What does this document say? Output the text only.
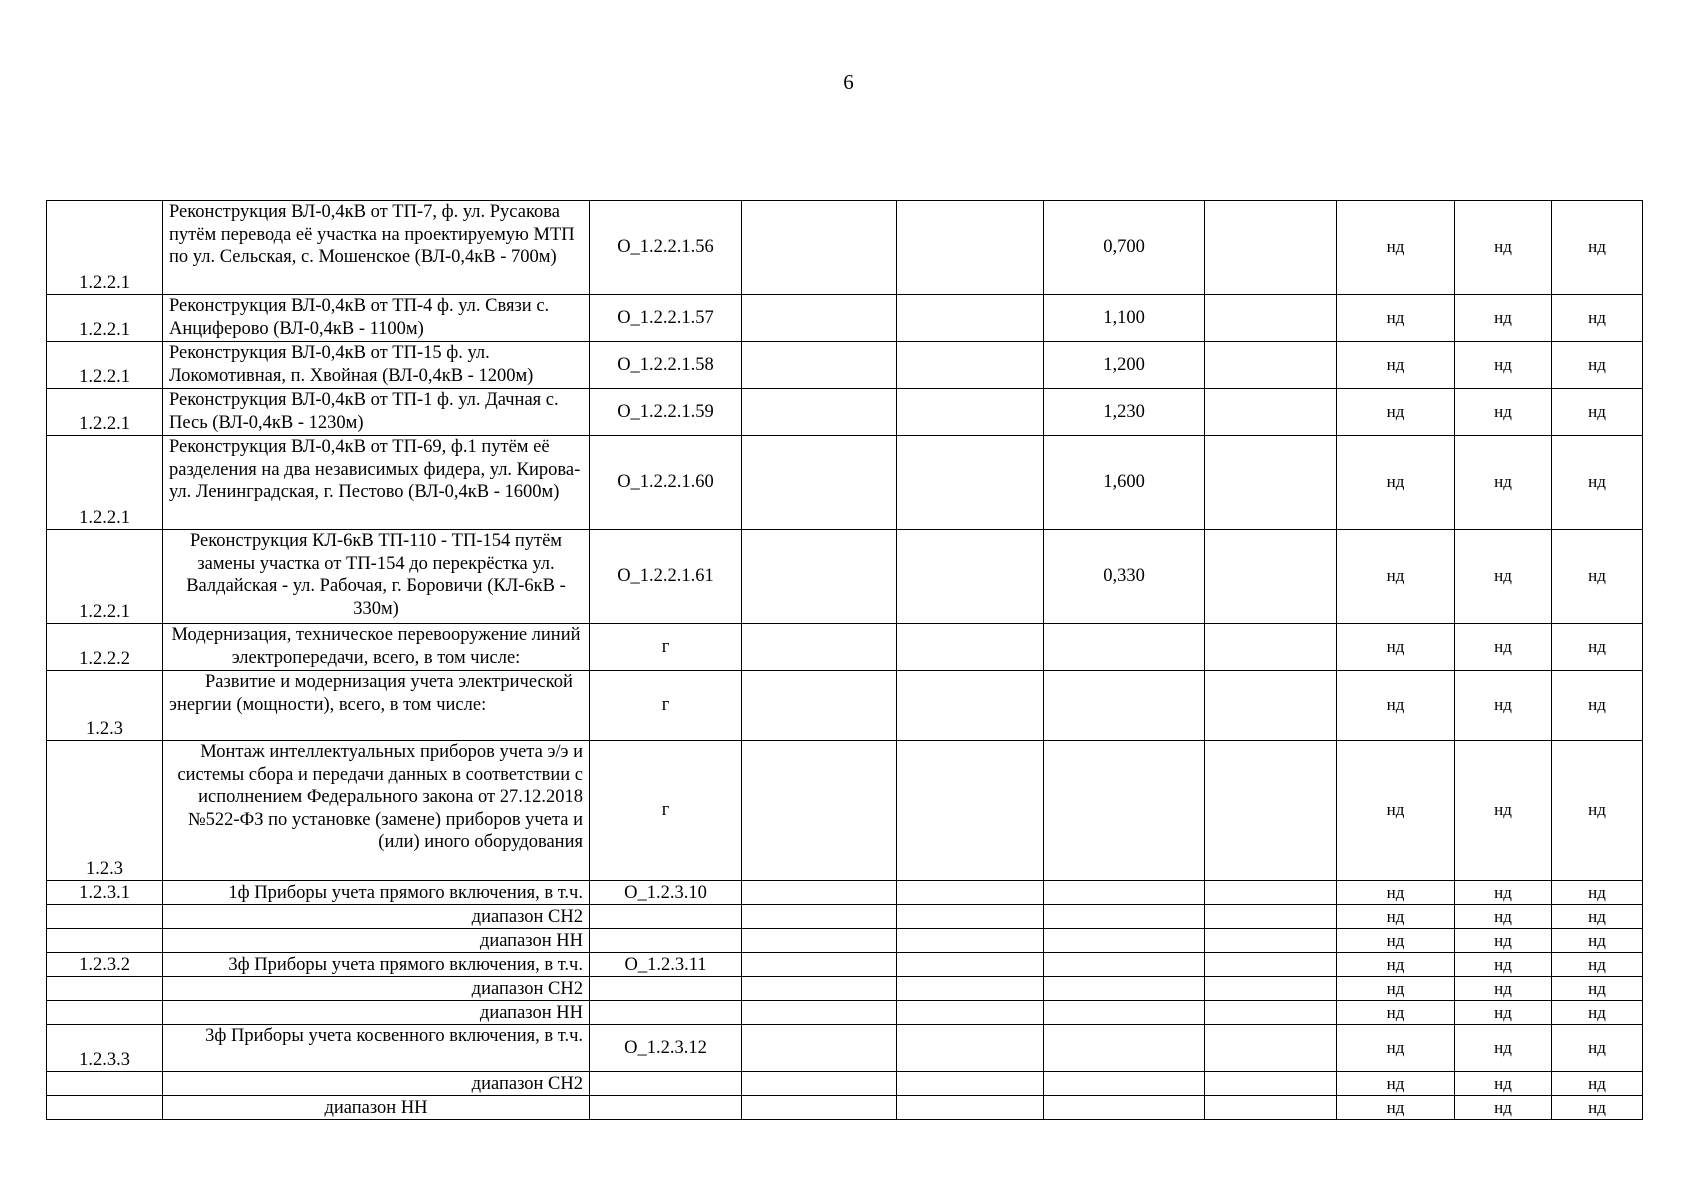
6
1.2.2.1	Реконструкция ВЛ-0,4кВ от ТП-7, ф. ул. Русакова путём перевода её участка на проектируемую МТП по ул. Сельская, с. Мошенское (ВЛ-0,4кВ - 700м)	О_1.2.2.1.56			0,700		нд	нд	нд
1.2.2.1	Реконструкция ВЛ-0,4кВ от ТП-4 ф. ул. Связи с. Анциферово (ВЛ-0,4кВ - 1100м)	О_1.2.2.1.57			1,100		нд	нд	нд
1.2.2.1	Реконструкция ВЛ-0,4кВ от ТП-15 ф. ул. Локомотивная, п. Хвойная (ВЛ-0,4кВ - 1200м)	О_1.2.2.1.58			1,200		нд	нд	нд
1.2.2.1	Реконструкция ВЛ-0,4кВ от ТП-1 ф. ул. Дачная с. Песь (ВЛ-0,4кВ - 1230м)	О_1.2.2.1.59			1,230		нд	нд	нд
1.2.2.1	Реконструкция ВЛ-0,4кВ от ТП-69, ф.1 путём её разделения на два независимых фидера, ул. Кирова-ул. Ленинградская, г. Пестово (ВЛ-0,4кВ - 1600м)	О_1.2.2.1.60			1,600		нд	нд	нд
1.2.2.1	Реконструкция КЛ-6кВ ТП-110 - ТП-154 путём замены участка от ТП-154 до перекрёстка ул. Валдайская - ул. Рабочая, г. Боровичи (КЛ-6кВ - 330м)	О_1.2.2.1.61			0,330		нд	нд	нд
1.2.2.2	Модернизация, техническое перевооружение линий электропередачи, всего, в том числе:	г					нд	нд	нд
1.2.3	Развитие и модернизация учета электрической энергии (мощности), всего, в том числе:	г					нд	нд	нд
1.2.3	Монтаж интеллектуальных приборов учета э/э и системы сбора и передачи данных в соответствии с исполнением Федерального закона от 27.12.2018 №522-ФЗ по установке (замене) приборов учета и (или) иного оборудования	г					нд	нд	нд
1.2.3.1	1ф Приборы учета прямого включения, в т.ч.	О_1.2.3.10					нд	нд	нд
	диапазон СН2						нд	нд	нд
	диапазон НН						нд	нд	нд
1.2.3.2	3ф Приборы учета прямого включения, в т.ч.	О_1.2.3.11					нд	нд	нд
	диапазон СН2						нд	нд	нд
	диапазон НН						нд	нд	нд
1.2.3.3	3ф Приборы учета косвенного включения, в т.ч.	О_1.2.3.12					нд	нд	нд
	диапазон СН2						нд	нд	нд
	диапазон НН						нд	нд	нд
